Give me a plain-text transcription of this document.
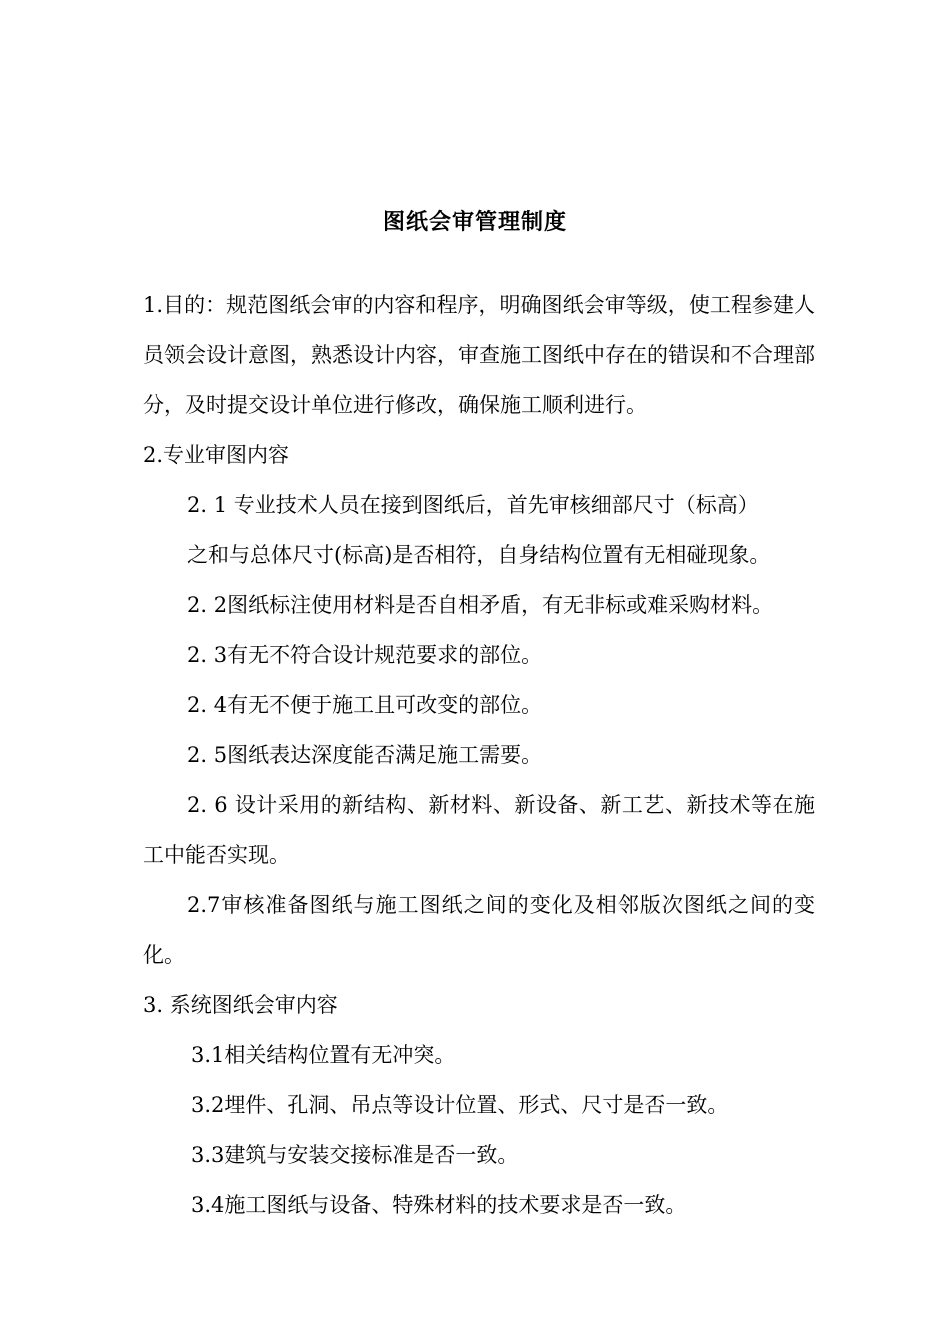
图纸会审管理制度

1.目的：规范图纸会审的内容和程序，明确图纸会审等级，使工程参建人员领会设计意图，熟悉设计内容，审查施工图纸中存在的错误和不合理部分，及时提交设计单位进行修改，确保施工顺利进行。

2.专业审图内容

2. 1 专业技术人员在接到图纸后，首先审核细部尺寸（标高）

之和与总体尺寸(标高)是否相符，自身结构位置有无相碰现象。

2. 2图纸标注使用材料是否自相矛盾，有无非标或难采购材料。

2. 3有无不符合设计规范要求的部位。

2. 4有无不便于施工且可改变的部位。

2. 5图纸表达深度能否满足施工需要。

2. 6 设计采用的新结构、新材料、新设备、新工艺、新技术等在施工中能否实现。

2.7审核准备图纸与施工图纸之间的变化及相邻版次图纸之间的变化。

3. 系统图纸会审内容

3.1相关结构位置有无冲突。

3.2埋件、孔洞、吊点等设计位置、形式、尺寸是否一致。

3.3建筑与安装交接标准是否一致。

3.4施工图纸与设备、特殊材料的技术要求是否一致。
